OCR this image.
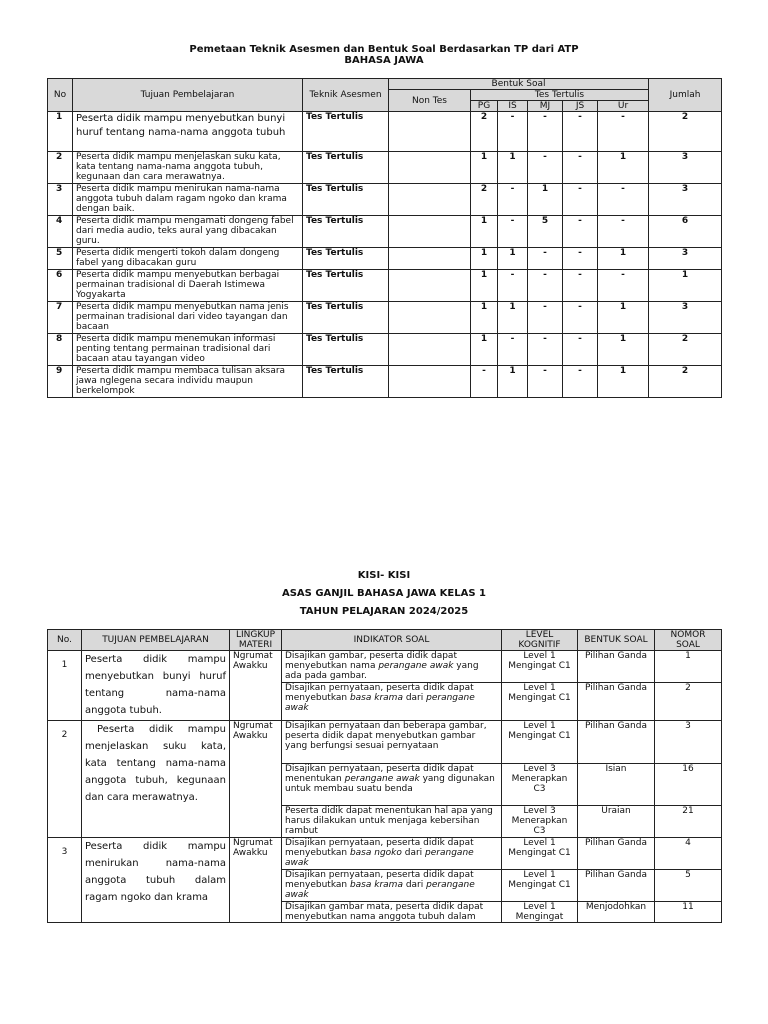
Pemetaan Teknik Asesmen dan Bentuk Soal Berdasarkan TP dari ATP
BAHASA JAWA
No	Tujuan Pembelajaran	Teknik Asesmen	Bentuk Soal						Jumlah
			Non Tes	Tes Tertulis					
				PG	IS	MJ	JS	Ur	
1	Peserta didik mampu menyebutkan bunyi huruf tentang nama-nama anggota tubuh	Tes Tertulis		2	-	-	-	-	2
2	Peserta didik mampu menjelaskan suku kata, kata tentang nama-nama anggota tubuh, kegunaan dan cara merawatnya.	Tes Tertulis		1	1	-	-	1	3
3	Peserta didik mampu menirukan nama-nama anggota tubuh dalam ragam ngoko dan krama dengan baik.	Tes Tertulis		2	-	1	-	-	3
4	Peserta didik mampu mengamati dongeng fabel dari media audio, teks aural yang dibacakan guru.	Tes Tertulis		1	-	5	-	-	6
5	Peserta didik mengerti tokoh dalam dongeng fabel yang dibacakan guru	Tes Tertulis		1	1	-	-	1	3
6	Peserta didik mampu menyebutkan berbagai permainan tradisional di Daerah Istimewa Yogyakarta	Tes Tertulis		1	-	-	-	-	1
7	Peserta didik mampu menyebutkan nama jenis permainan tradisional dari video tayangan dan bacaan	Tes Tertulis		1	1	-	-	1	3
8	Peserta didik mampu menemukan informasi penting tentang permainan tradisional dari bacaan atau tayangan video	Tes Tertulis		1	-	-	-	1	2
9	Peserta didik mampu membaca tulisan aksara jawa nglegena secara individu maupun berkelompok	Tes Tertulis		-	1	-	-	1	2
KISI- KISI
ASAS GANJIL BAHASA JAWA KELAS 1
TAHUN PELAJARAN 2024/2025
No.	TUJUAN PEMBELAJARAN	LINGKUP MATERI	INDIKATOR SOAL	LEVEL KOGNITIF	BENTUK SOAL	NOMOR SOAL
1	Peserta didik mampu menyebutkan bunyi huruf tentang nama-nama anggota tubuh.	Ngrumat Awakku	Disajikan gambar, peserta didik dapat menyebutkan nama perangane awak yang ada pada gambar.	Level 1 Mengingat C1	Pilihan Ganda	1
			Disajikan pernyataan, peserta didik dapat menyebutkan basa krama dari perangane awak	Level 1 Mengingat C1	Pilihan Ganda	2
2	Peserta didik mampu menjelaskan suku kata, kata tentang nama-nama anggota tubuh, kegunaan dan cara merawatnya.	Ngrumat Awakku	Disajikan pernyataan dan beberapa gambar, peserta didik dapat menyebutkan gambar yang berfungsi sesuai pernyataan	Level 1 Mengingat C1	Pilihan Ganda	3
			Disajikan pernyataan, peserta didik dapat menentukan perangane awak yang digunakan untuk membau suatu benda	Level 3 Menerapkan C3	Isian	16
			Peserta didik dapat menentukan hal apa yang harus dilakukan untuk menjaga kebersihan rambut	Level 3 Menerapkan C3	Uraian	21
3	Peserta didik mampu menirukan nama-nama anggota tubuh dalam ragam ngoko dan krama	Ngrumat Awakku	Disajikan pernyataan, peserta didik dapat menyebutkan basa ngoko dari perangane awak	Level 1 Mengingat C1	Pilihan Ganda	4
			Disajikan pernyataan, peserta didik dapat menyebutkan basa krama dari perangane awak	Level 1 Mengingat C1	Pilihan Ganda	5
			Disajikan gambar mata, peserta didik dapat menyebutkan nama anggota tubuh dalam	Level 1 Mengingat	Menjodohkan	11
